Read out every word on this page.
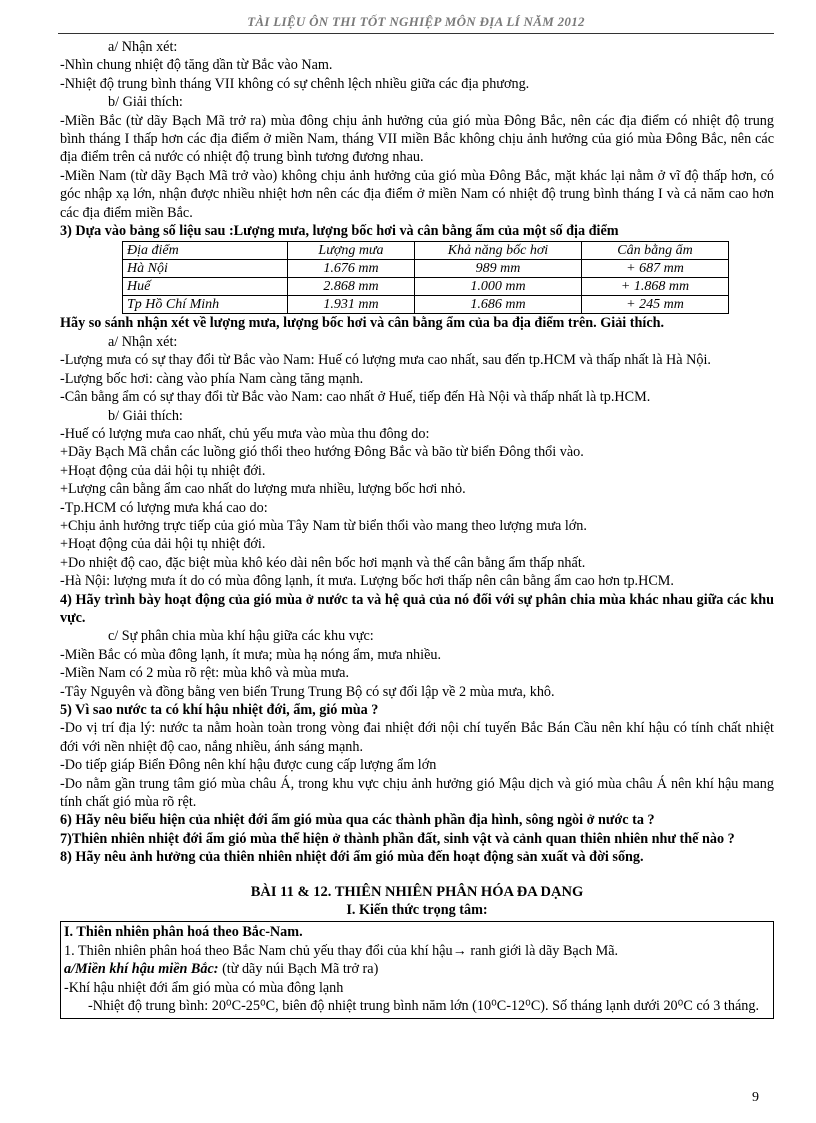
TÀI LIỆU ÔN THI TỐT NGHIỆP MÔN ĐỊA LÍ NĂM 2012

a/ Nhận xét:

-Nhìn chung nhiệt độ tăng dần từ Bắc vào Nam.

-Nhiệt độ trung bình tháng VII không có sự chênh lệch nhiều giữa các địa phương.

b/ Giải thích:

-Miền Bắc (từ dãy Bạch Mã trở ra) mùa đông chịu ảnh hưởng của gió mùa Đông Bắc, nên các địa điểm có nhiệt độ trung bình tháng I thấp hơn các địa điểm ở miền Nam, tháng VII miền Bắc không chịu ảnh hưởng của gió mùa Đông Bắc, nên các địa điểm trên cả nước có nhiệt độ trung bình tương đương nhau.

-Miền Nam (từ dãy Bạch Mã trở vào) không chịu ảnh hưởng của gió mùa Đông Bắc, mặt khác lại nằm ở vĩ độ thấp hơn, có góc nhập xạ lớn, nhận được nhiều nhiệt hơn nên các địa điểm ở miền Nam có nhiệt độ trung bình tháng I và cả năm cao hơn các địa điểm miền Bắc.

3) Dựa vào bảng số liệu sau :Lượng mưa, lượng bốc hơi và cân bằng ẩm của một số địa điểm

Địa điểm	Lượng mưa	Khả năng bốc hơi	Cân bằng ẩm
Hà Nội	1.676 mm	989 mm	+ 687 mm
Huế	2.868 mm	1.000 mm	+ 1.868 mm
Tp Hồ Chí Minh	1.931 mm	1.686 mm	+ 245 mm

Hãy so sánh nhận xét về lượng mưa, lượng bốc hơi và cân bằng ẩm của ba địa điểm trên. Giải thích.

a/ Nhận xét:

-Lượng mưa có sự thay đổi từ Bắc vào Nam: Huế có lượng mưa cao nhất, sau đến tp.HCM và thấp nhất là Hà Nội.

-Lượng bốc hơi: càng vào phía Nam càng tăng mạnh.

-Cân bằng ẩm có sự thay đổi từ Bắc vào Nam: cao nhất ở Huế, tiếp đến Hà Nội và thấp nhất là tp.HCM.

b/ Giải thích:

-Huế có lượng mưa cao nhất, chủ yếu mưa vào mùa thu đông do:

+Dãy Bạch Mã chắn các luồng gió thổi theo hướng Đông Bắc và bão từ biển Đông thổi vào.

+Hoạt động của dải hội tụ nhiệt đới.

+Lượng cân bằng ẩm cao nhất do lượng mưa nhiều, lượng bốc hơi nhỏ.

-Tp.HCM có lượng mưa khá cao do:

+Chịu ảnh hưởng trực tiếp của gió mùa Tây Nam từ biển thổi vào mang theo lượng mưa lớn.

+Hoạt động của dải hội tụ nhiệt đới.

+Do nhiệt độ cao, đặc biệt mùa khô kéo dài nên bốc hơi mạnh và thế cân bằng ẩm thấp nhất.

-Hà Nội: lượng mưa ít do có mùa đông lạnh, ít mưa. Lượng bốc hơi thấp nên cân bằng ẩm cao hơn tp.HCM.

4) Hãy trình bày hoạt động của gió mùa ở nước ta và hệ quả của nó đối với sự phân chia mùa khác nhau giữa các khu vực.

c/ Sự phân chia mùa khí hậu giữa các khu vực:

-Miền Bắc có mùa đông lạnh, ít mưa; mùa hạ nóng ẩm, mưa nhiều.

-Miền Nam có 2 mùa rõ rệt: mùa khô và mùa mưa.

-Tây Nguyên và đồng bằng ven biển Trung Trung Bộ có sự đối lập về 2 mùa mưa, khô.

5) Vì sao nước ta có khí hậu nhiệt đới, ẩm, gió mùa ?

-Do vị trí địa lý: nước ta nằm hoàn toàn trong vòng đai nhiệt đới nội chí tuyến Bắc Bán Cầu nên khí hậu có tính chất nhiệt đới với nền nhiệt độ cao, nắng nhiều, ánh sáng mạnh.

-Do tiếp giáp Biển Đông nên khí hậu được cung cấp lượng ẩm lớn

-Do nằm gần trung tâm gió mùa châu Á, trong khu vực chịu ảnh hưởng gió Mậu dịch và gió mùa châu Á nên khí hậu mang tính chất gió mùa rõ rệt.

6) Hãy nêu biểu hiện của nhiệt đới ẩm gió mùa qua các thành phần địa hình, sông ngòi ở nước ta ?

7)Thiên nhiên nhiệt đới ẩm gió mùa thể hiện ở thành phần đất, sinh vật và cảnh quan thiên nhiên như thế nào ?

8) Hãy nêu ảnh hưởng của thiên nhiên nhiệt đới ẩm gió mùa đến hoạt động sản xuất và đời sống.

BÀI 11 & 12. THIÊN NHIÊN PHÂN HÓA ĐA DẠNG

I. Kiến thức trọng tâm:

I. Thiên nhiên phân hoá theo Bắc-Nam.

1. Thiên nhiên phân hoá theo Bắc Nam chủ yếu thay đổi của khí hậu→ ranh giới là dãy Bạch Mã.

a/Miền khí hậu miền Bắc: (từ dãy núi Bạch Mã trở ra)

-Khí hậu nhiệt đới ẩm gió mùa có mùa đông lạnh

-Nhiệt độ trung bình: 20⁰C-25⁰C, biên độ nhiệt trung bình năm lớn (10⁰C-12⁰C). Số tháng lạnh dưới 20⁰C có 3 tháng.

9
